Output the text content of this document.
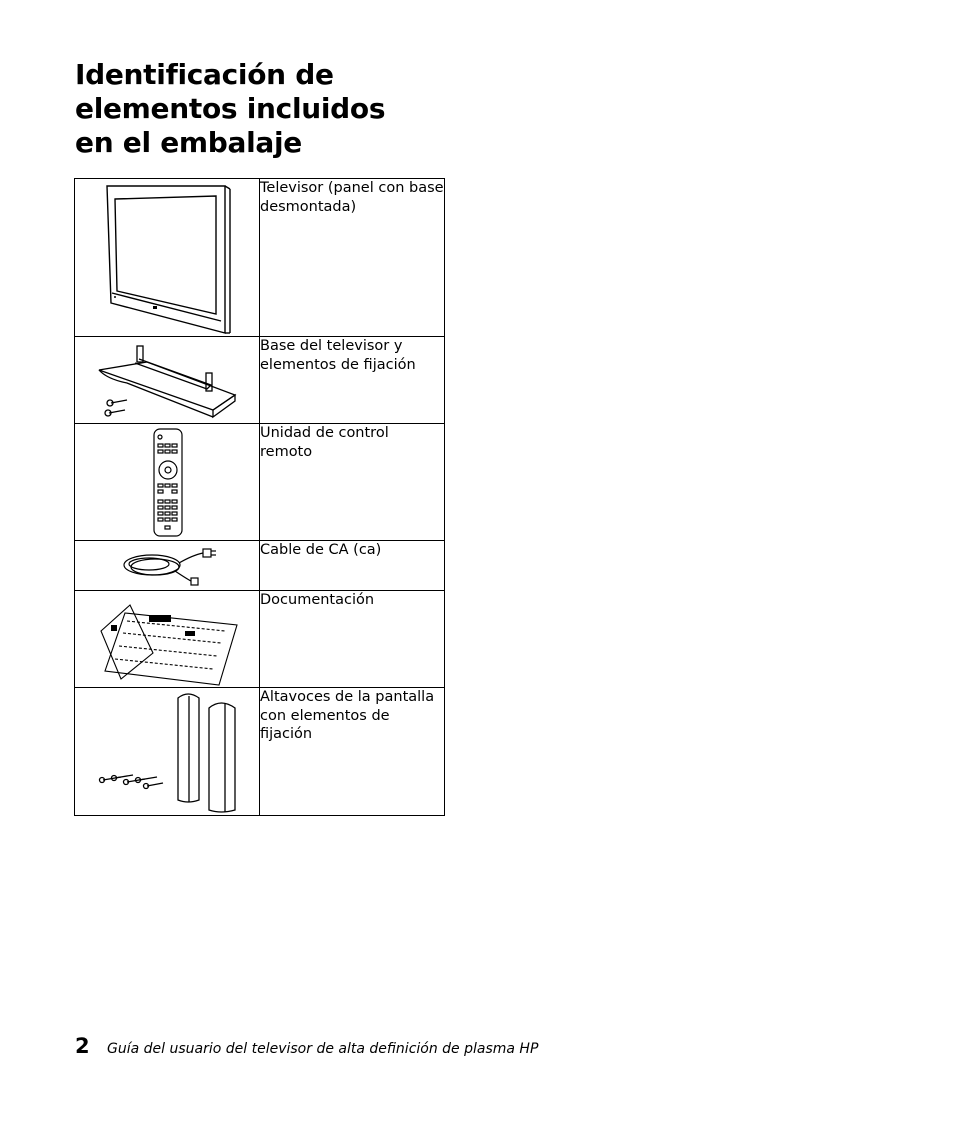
Identificación de
elementos incluidos
en el embalaje
	Televisor (panel con base desmontada)

	Base del televisor y elementos de fijación

	Unidad de control remoto

	Cable de CA (ca)

	Documentación

	Altavoces de la pantalla con elementos de fijación
2	Guía del usuario del televisor de alta definición de plasma HP
